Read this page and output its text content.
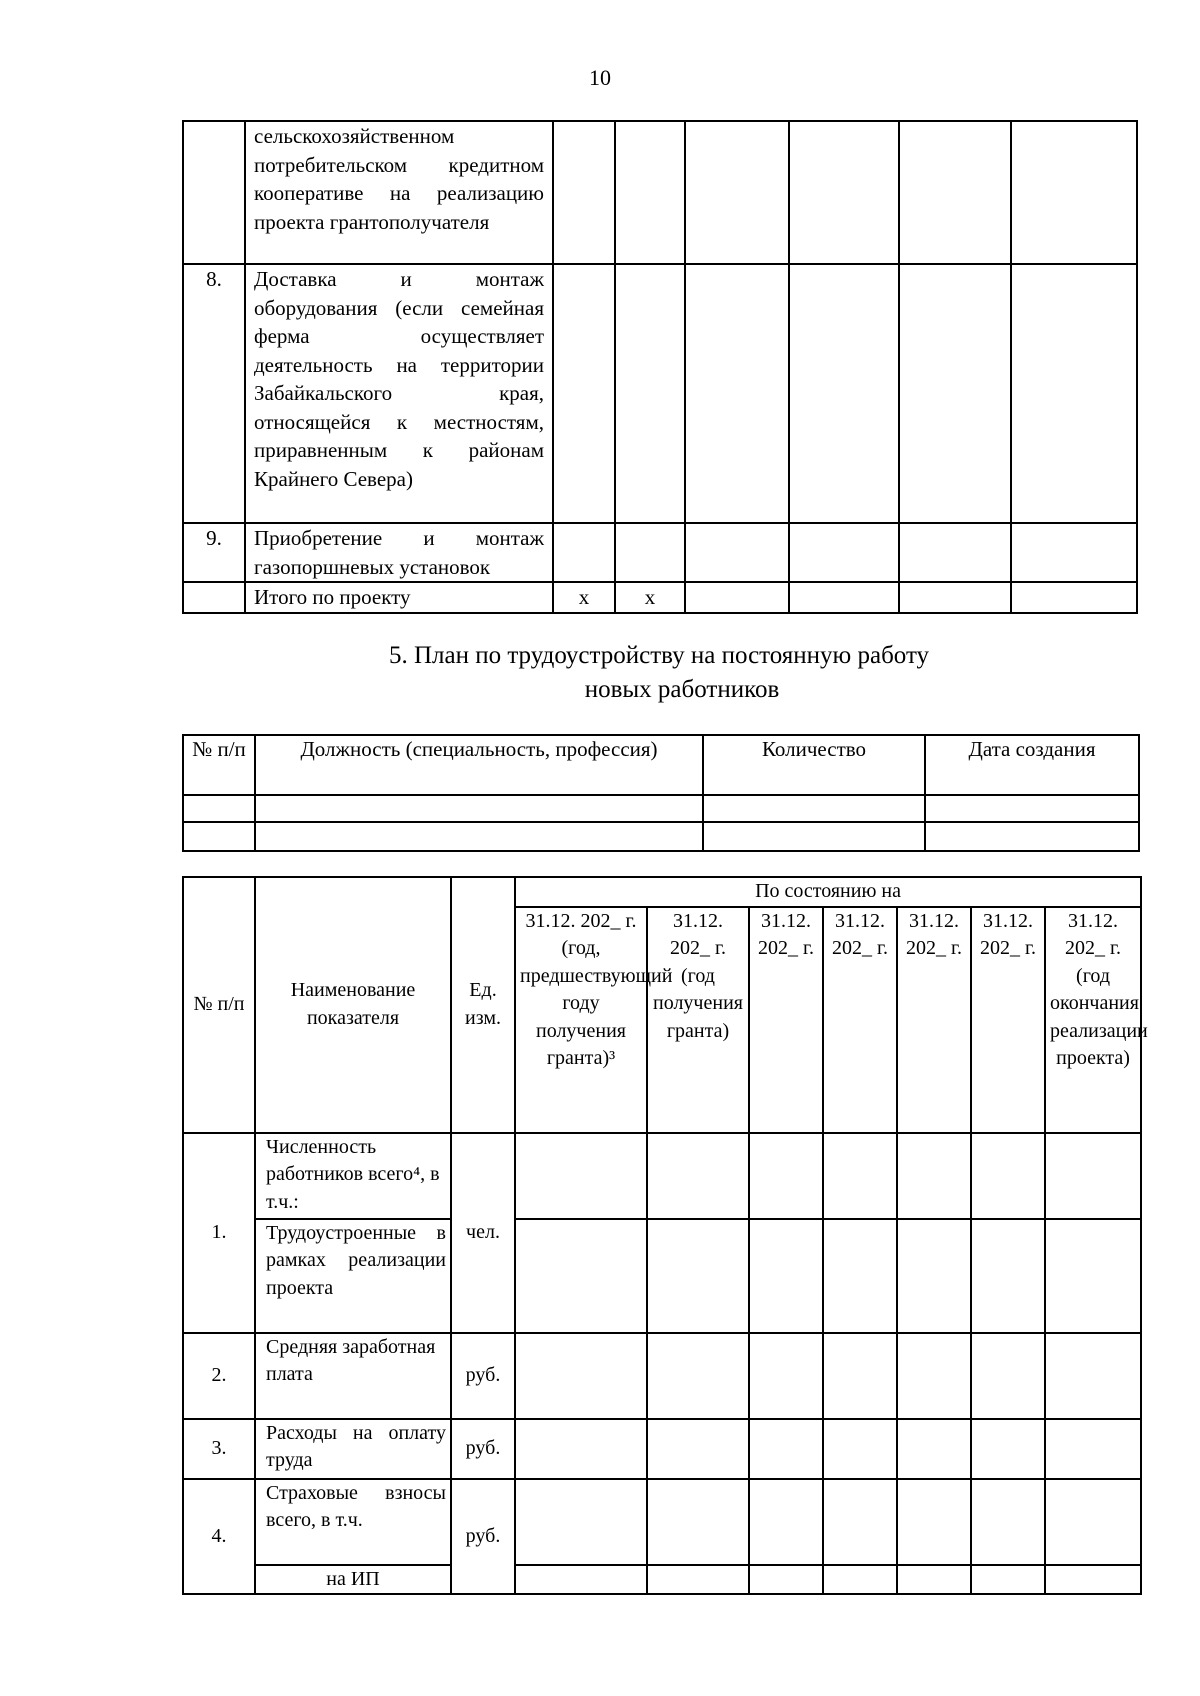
10
	сельскохозяйственном потребительском кредитном кооперативе на реализацию проекта грантополучателя						
8.	Доставка и монтаж оборудования (если семейная ферма осуществляет деятельность на территории Забайкальского края, относящейся к местностям, приравненным к районам Крайнего Севера)						
9.	Приобретение и монтаж газопоршневых установок						
	Итого по проекту	х	х				
5. План по трудоустройству на постоянную работу
новых работников
№ п/п	Должность (специальность, профессия)	Количество	Дата создания

№ п/п	Наименование показателя	Ед. изм.	По состоянию на						
			31.12. 202_ г. (год, предшествующий году получения гранта)³	31.12. 202_ г. (год получения гранта)	31.12. 202_ г.	31.12. 202_ г.	31.12. 202_ г.	31.12. 202_ г.	31.12. 202_ г. (год окончания реализации проекта)
1.	Численность работников всего⁴, в т.ч.:	чел.							
	Трудоустроенные в рамках реализации проекта								
2.	Средняя заработная плата	руб.							
3.	Расходы на оплату труда	руб.							
4.	Страховые взносы всего, в т.ч.	руб.							
	на ИП								
